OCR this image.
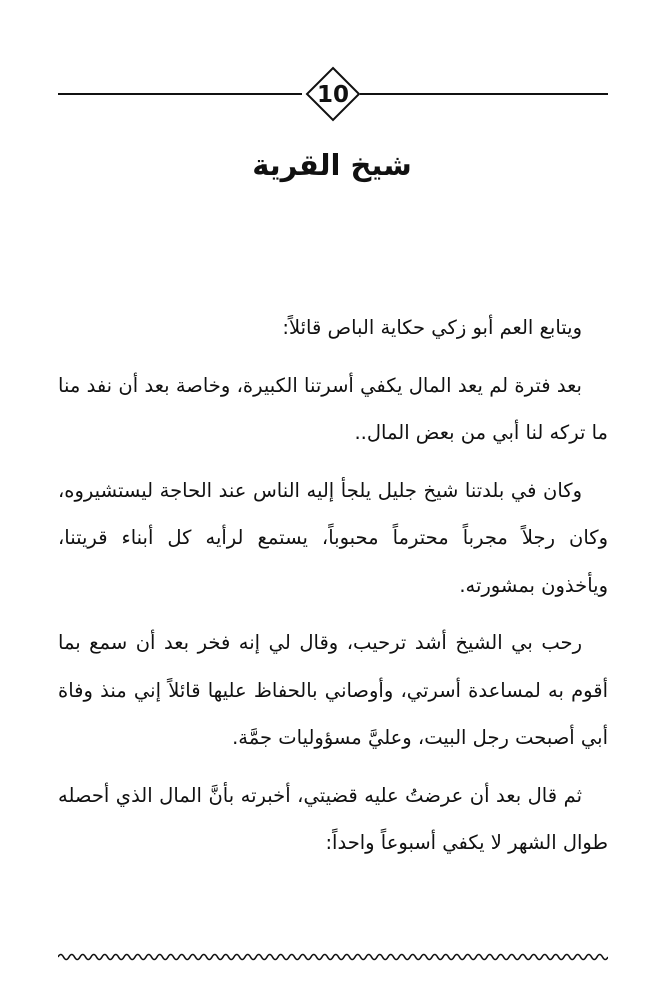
10
شيخ القرية

ويتابع العم أبو زكي حكاية الباص قائلاً:

بعد فترة لم يعد المال يكفي أسرتنا الكبيرة، وخاصة بعد أن نفد منا ما تركه لنا أبي من بعض المال..

وكان في بلدتنا شيخ جليل يلجأ إليه الناس عند الحاجة ليستشيروه، وكان رجلاً مجرباً محترماً محبوباً، يستمع لرأيه كل أبناء قريتنا، ويأخذون بمشورته.

رحب بي الشيخ أشد ترحيب، وقال لي إنه فخر بعد أن سمع بما أقوم به لمساعدة أسرتي، وأوصاني بالحفاظ عليها قائلاً إني منذ وفاة أبي أصبحت رجل البيت، وعليَّ مسؤوليات جمَّة.

ثم قال بعد أن عرضتُ عليه قضيتي، أخبرته بأنَّ المال الذي أحصله طوال الشهر لا يكفي أسبوعاً واحداً:
